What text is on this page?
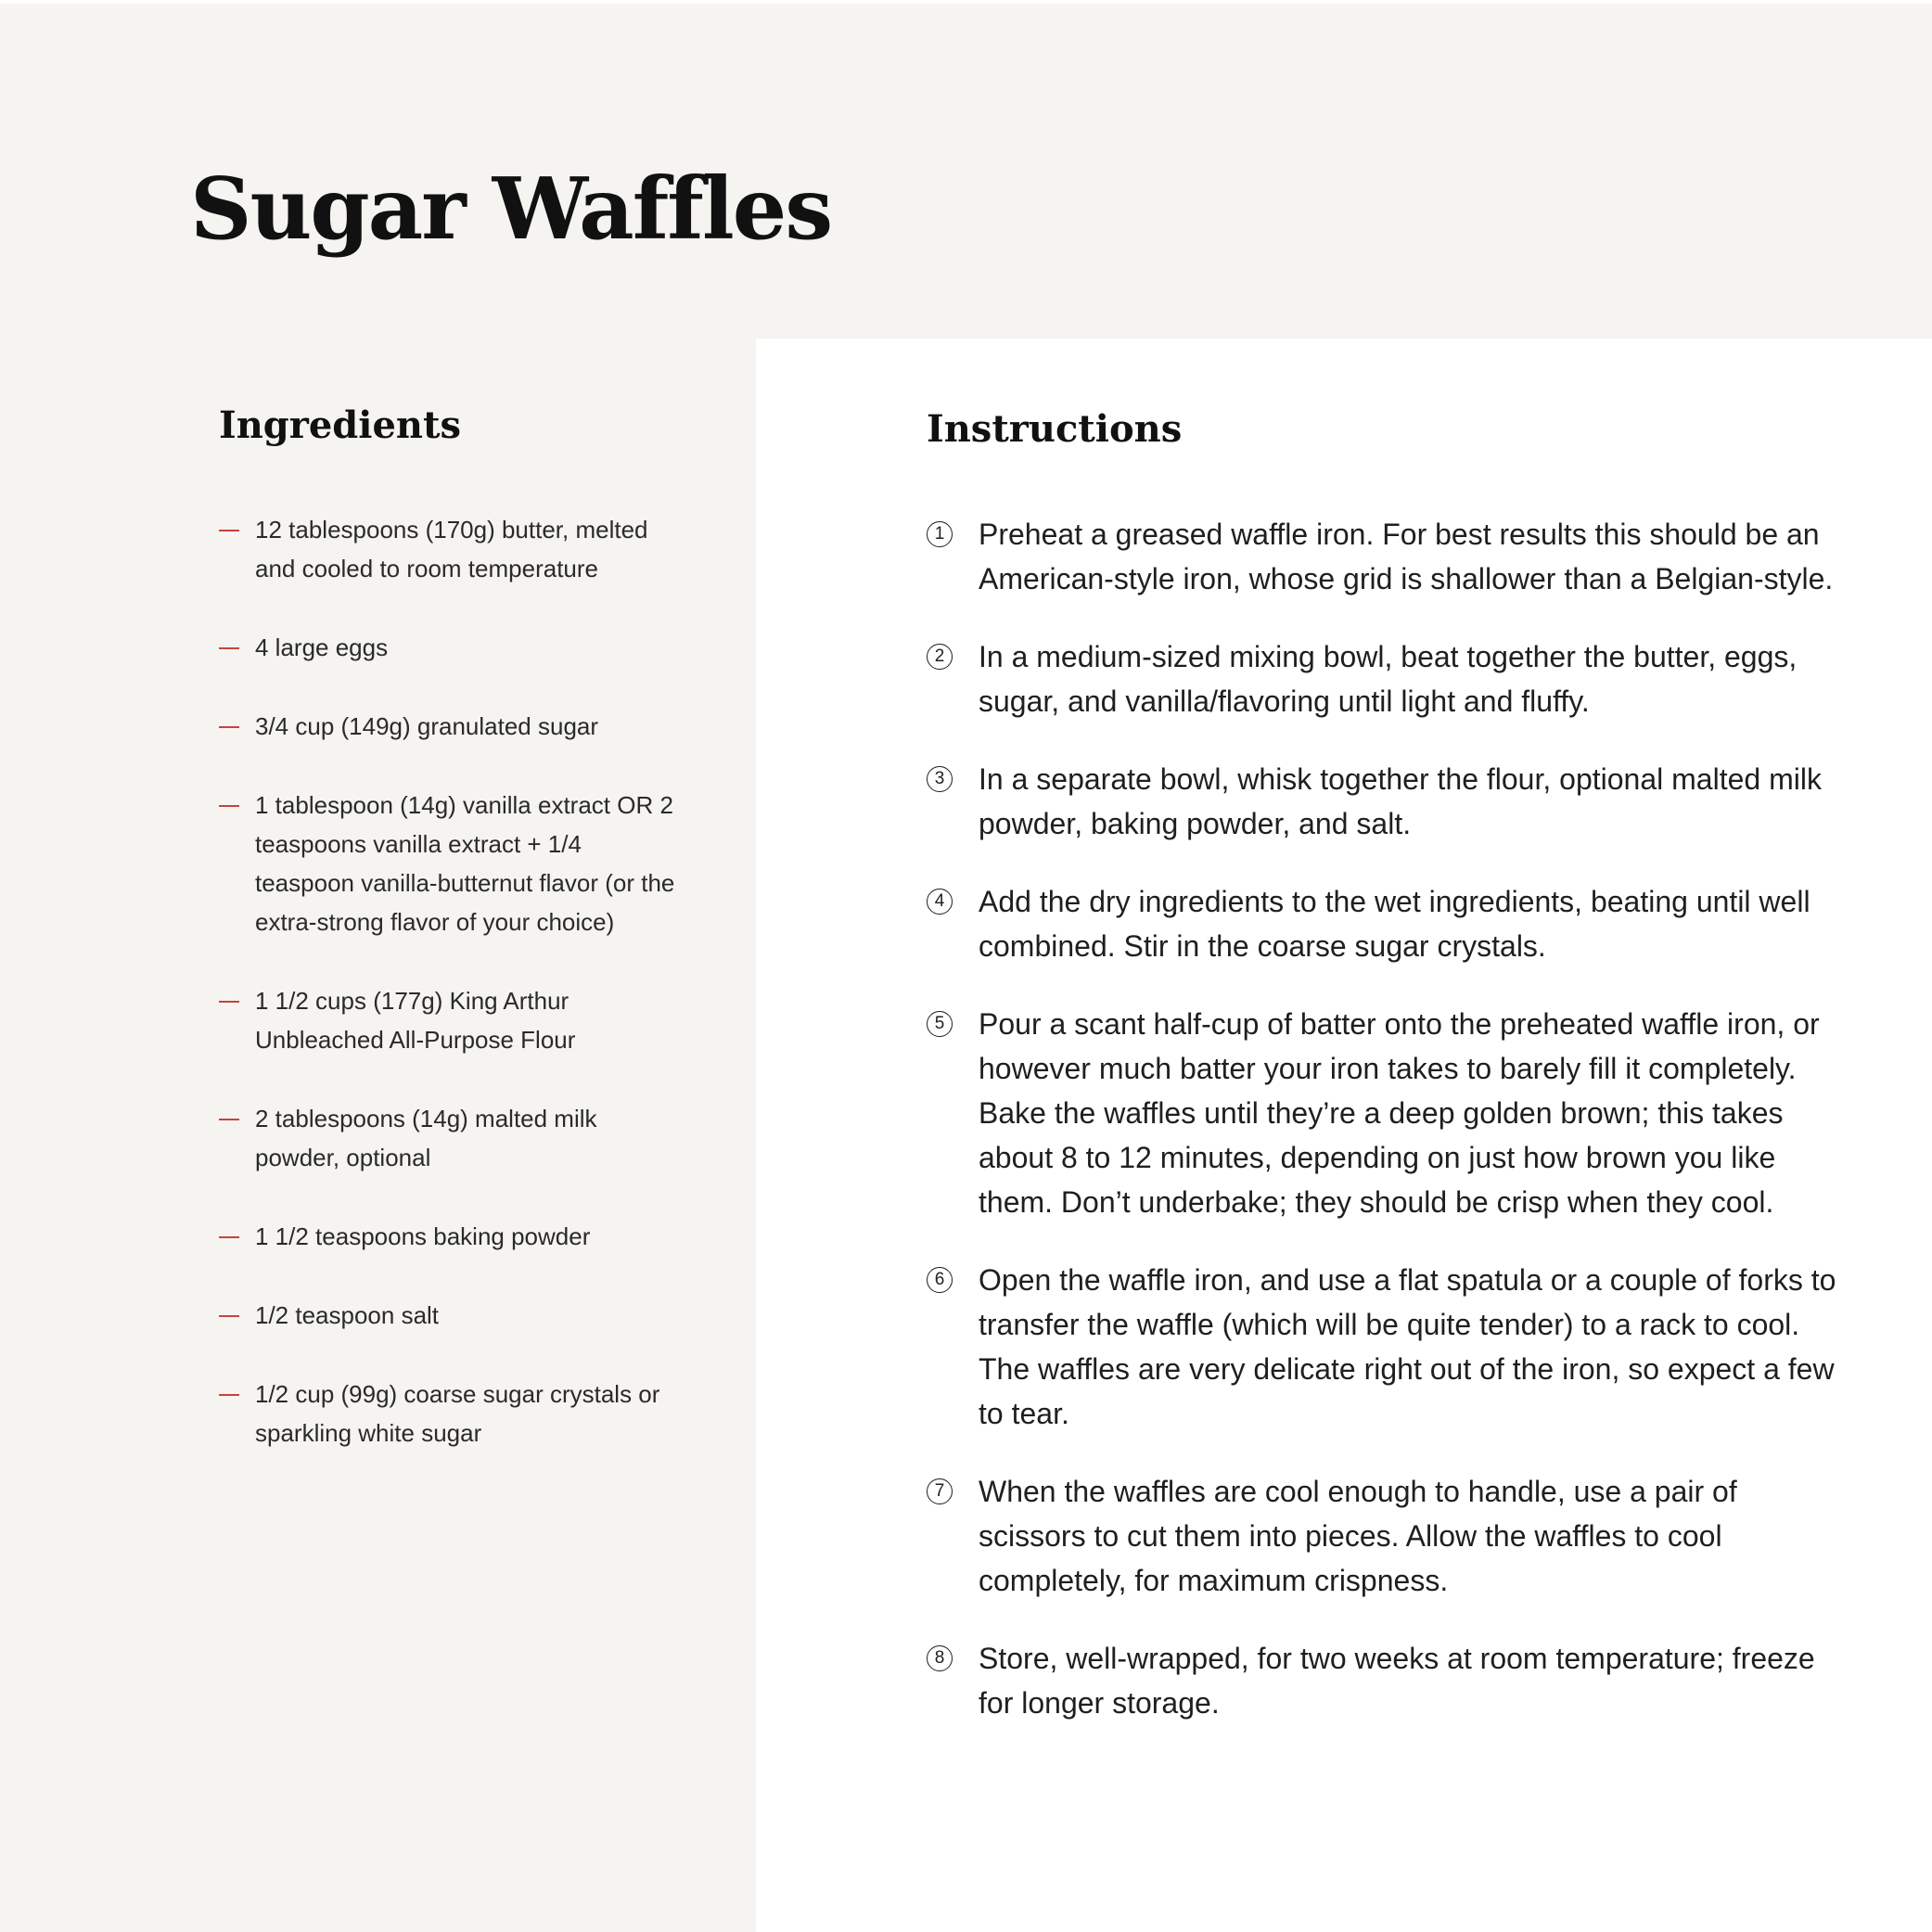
Sugar Waffles
Ingredients
12 tablespoons (170g) butter, melted and cooled to room temperature
4 large eggs
3/4 cup (149g) granulated sugar
1 tablespoon (14g) vanilla extract OR 2 teaspoons vanilla extract + 1/4 teaspoon vanilla-butternut flavor (or the extra-strong flavor of your choice)
1 1/2 cups (177g) King Arthur Unbleached All-Purpose Flour
2 tablespoons (14g) malted milk powder, optional
1 1/2 teaspoons baking powder
1/2 teaspoon salt
1/2 cup (99g) coarse sugar crystals or sparkling white sugar
Instructions
1 Preheat a greased waffle iron. For best results this should be an American-style iron, whose grid is shallower than a Belgian-style.
2 In a medium-sized mixing bowl, beat together the butter, eggs, sugar, and vanilla/flavoring until light and fluffy.
3 In a separate bowl, whisk together the flour, optional malted milk powder, baking powder, and salt.
4 Add the dry ingredients to the wet ingredients, beating until well combined. Stir in the coarse sugar crystals.
5 Pour a scant half-cup of batter onto the preheated waffle iron, or however much batter your iron takes to barely fill it completely. Bake the waffles until they’re a deep golden brown; this takes about 8 to 12 minutes, depending on just how brown you like them. Don’t underbake; they should be crisp when they cool.
6 Open the waffle iron, and use a flat spatula or a couple of forks to transfer the waffle (which will be quite tender) to a rack to cool. The waffles are very delicate right out of the iron, so expect a few to tear.
7 When the waffles are cool enough to handle, use a pair of scissors to cut them into pieces. Allow the waffles to cool completely, for maximum crispness.
8 Store, well-wrapped, for two weeks at room temperature; freeze for longer storage.
